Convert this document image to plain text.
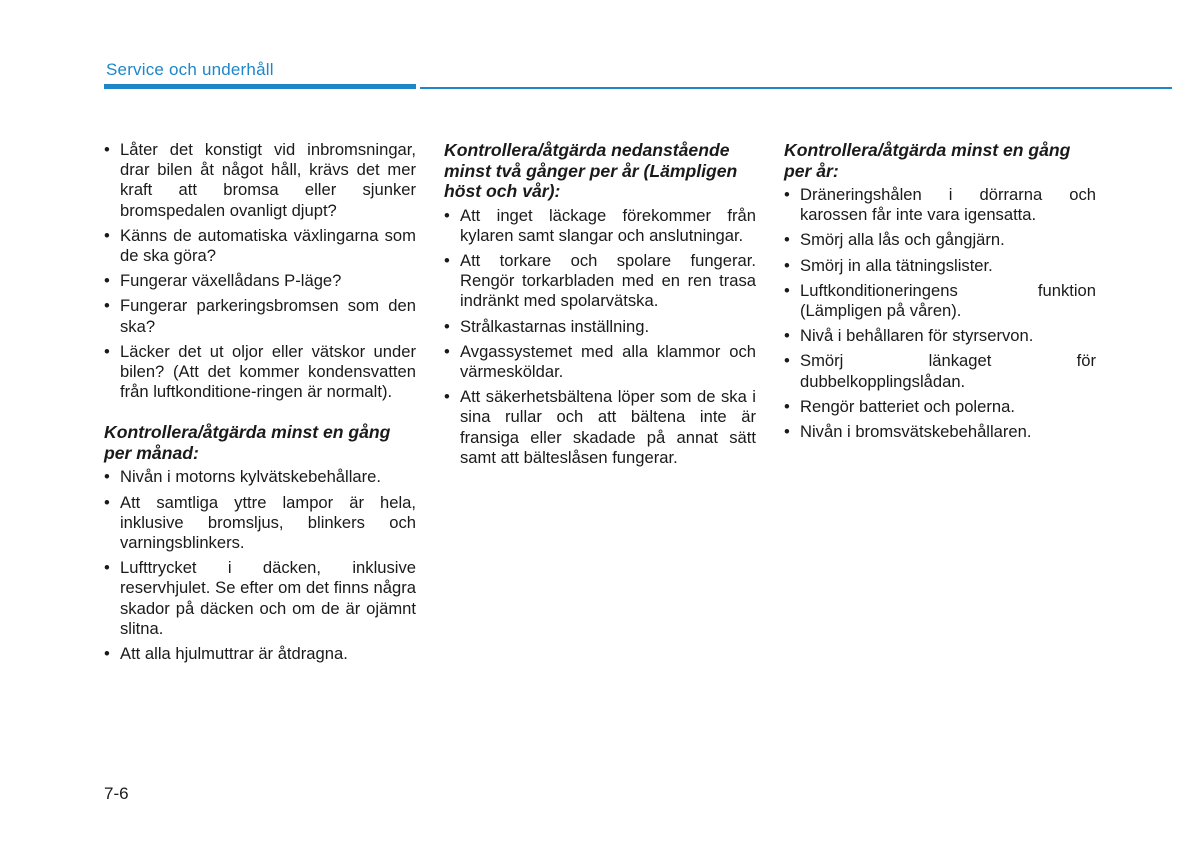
Service och underhåll
• Låter det konstigt vid inbromsningar, drar bilen åt något håll, krävs det mer kraft att bromsa eller sjunker bromspedalen ovanligt djupt?
• Känns de automatiska växlingarna som de ska göra?
• Fungerar växellådans P-läge?
• Fungerar parkeringsbromsen som den ska?
• Läcker det ut oljor eller vätskor under bilen? (Att det kommer kondensvatten från luftkonditione-ringen är normalt).
Kontrollera/åtgärda minst en gång per månad:
• Nivån i motorns kylvätskebehållare.
• Att samtliga yttre lampor är hela, inklusive bromsljus, blinkers och varningsblinkers.
• Lufttrycket i däcken, inklusive reservhjulet. Se efter om det finns några skador på däcken och om de är ojämnt slitna.
• Att alla hjulmuttrar är åtdragna.
Kontrollera/åtgärda nedanstående minst två gånger per år (Lämpligen höst och vår):
• Att inget läckage förekommer från kylaren samt slangar och anslutningar.
• Att torkare och spolare fungerar. Rengör torkarbladen med en ren trasa indränkt med spolarvätska.
• Strålkastarnas inställning.
• Avgassystemet med alla klammor och värmesköldar.
• Att säkerhetsbältena löper som de ska i sina rullar och att bältena inte är fransiga eller skadade på annat sätt samt att bälteslåsen fungerar.
Kontrollera/åtgärda minst en gång per år:
• Dräneringshålen i dörrarna och karossen får inte vara igensatta.
• Smörj alla lås och gångjärn.
• Smörj in alla tätningslister.
• Luftkonditioneringens funktion (Lämpligen på våren).
• Nivå i behållaren för styrservon.
• Smörj länkaget för dubbelkopplingslådan.
• Rengör batteriet och polerna.
• Nivån i bromsvätskebehållaren.
7-6
